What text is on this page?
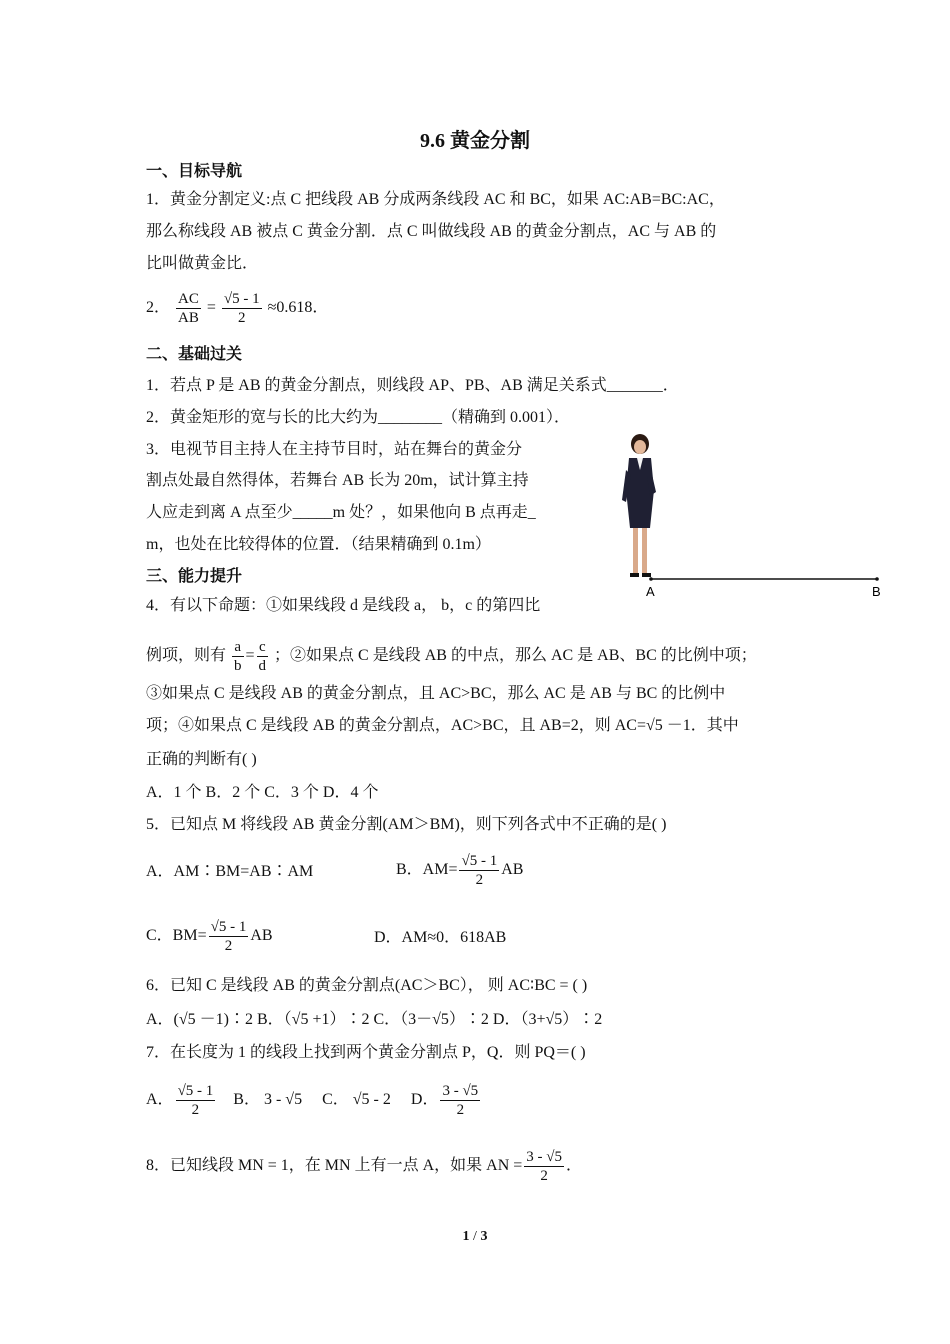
9.6 黄金分割
一、目标导航
1．黄金分割定义:点 C 把线段 AB 分成两条线段 AC 和 BC，如果 AC:AB=BC:AC，
那么称线段 AB 被点 C 黄金分割．点 C 叫做线段 AB 的黄金分割点，AC 与 AB 的
比叫做黄金比．
2． $\frac{AC}{AB} = \frac{√5 - 1}{2} \approx 0.618$．
二、基础过关
1．若点 P 是 AB 的黄金分割点，则线段 AP、PB、AB 满足关系式_______．
2．黄金矩形的宽与长的比大约为________（精确到 0.001）．
3．电视节目主持人在主持节目时，站在舞台的黄金分
割点处最自然得体，若舞台 AB 长为 20m，试计算主持
人应走到离 A 点至少_____m 处？，如果他向 B 点再走_
m，也处在比较得体的位置．（结果精确到 0.1m）
三、能力提升
4．有以下命题：①如果线段 d 是线段 a， b，c 的第四比
例项，则有 $\frac{a}{b} = \frac{c}{d}$ ；②如果点 C 是线段 AB 的中点，那么 AC 是 AB、BC 的比例中项；
③如果点 C 是线段 AB 的黄金分割点，且 AC>BC，那么 AC 是 AB 与 BC 的比例中
项；④如果点 C 是线段 AB 的黄金分割点，AC>BC，且 AB=2，则 AC=√5 －1．其中
正确的判断有( )
A．1 个 B．2 个 C．3 个 D．4 个
5．已知点 M 将线段 AB 黄金分割(AM＞BM)，则下列各式中不正确的是( )
A．AM∶BM=AB∶AM	B．$AM= \frac{√5 - 1}{2}$ AB
C．$BM= \frac{√5 - 1}{2}$ AB	D．AM≈0．618AB
6．已知 C 是线段 AB 的黄金分割点(AC＞BC）， 则 AC∶BC = ( )
A．(√5 －1)∶2 B．（√5 +1）∶2 C．（3－√5）∶2 D．（3+√5）∶2
7．在长度为 1 的线段上找到两个黄金分割点 P，Q．则 PQ＝( )
A． $\frac{√5 - 1}{2}$ B． 3 - √5 C． √5 - 2 D． $\frac{3 - √5}{2}$
8．已知线段 MN = 1，在 MN 上有一点 A，如果 AN = $\frac{3 - √5}{2}$ ．
A	B
1 / 3
